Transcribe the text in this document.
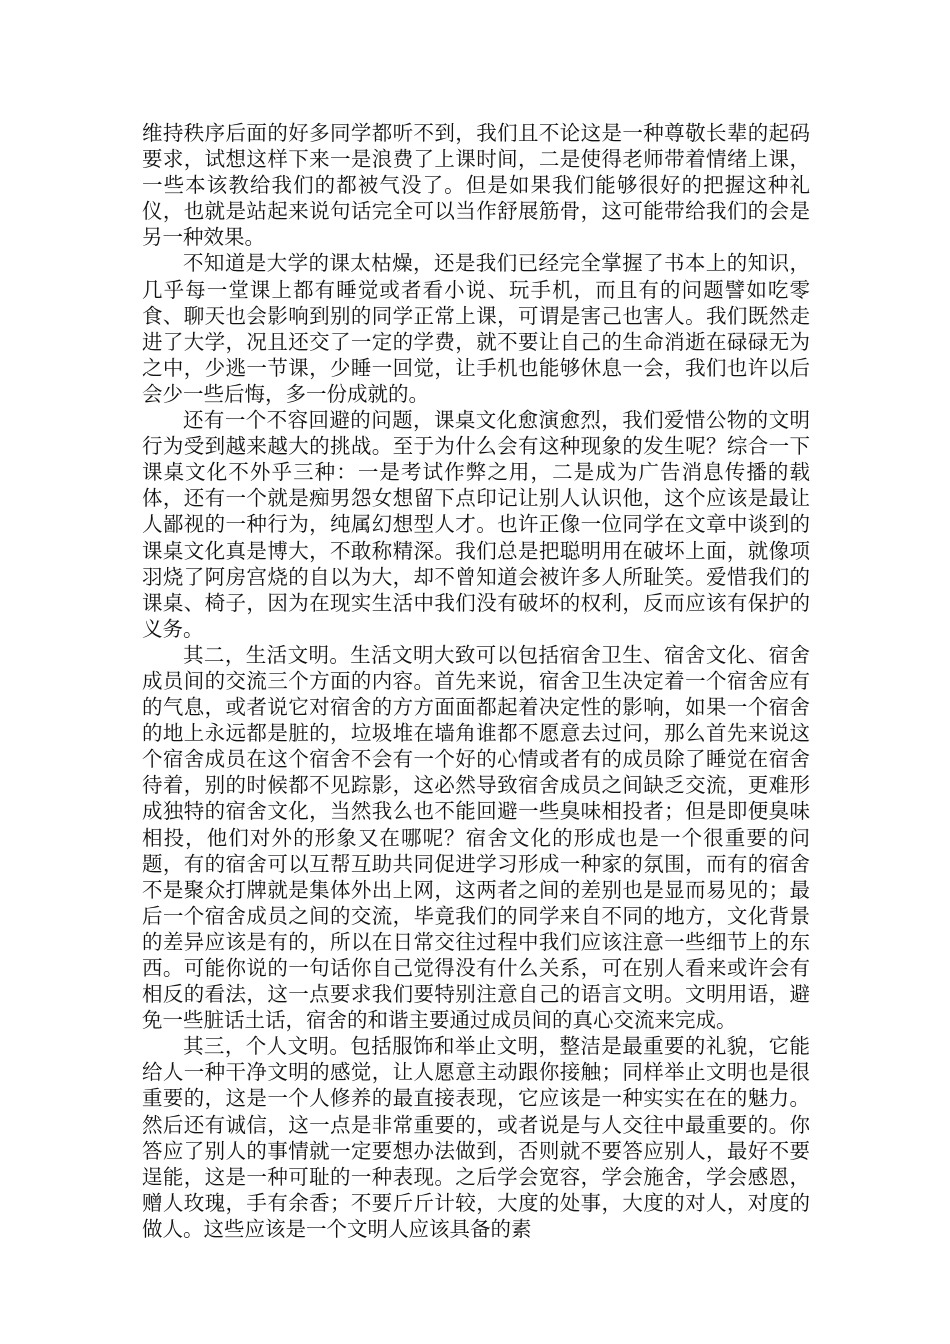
维持秩序后面的好多同学都听不到，我们且不论这是一种尊敬长辈的起码要求，试想这样下来一是浪费了上课时间，二是使得老师带着情绪上课，一些本该教给我们的都被气没了。但是如果我们能够很好的把握这种礼仪，也就是站起来说句话完全可以当作舒展筋骨，这可能带给我们的会是另一种效果。

不知道是大学的课太枯燥，还是我们已经完全掌握了书本上的知识，几乎每一堂课上都有睡觉或者看小说、玩手机，而且有的问题譬如吃零食、聊天也会影响到别的同学正常上课，可谓是害己也害人。我们既然走进了大学，况且还交了一定的学费，就不要让自己的生命消逝在碌碌无为之中，少逃一节课，少睡一回觉，让手机也能够休息一会，我们也许以后会少一些后悔，多一份成就的。

还有一个不容回避的问题，课桌文化愈演愈烈，我们爱惜公物的文明行为受到越来越大的挑战。至于为什么会有这种现象的发生呢？综合一下课桌文化不外乎三种：一是考试作弊之用，二是成为广告消息传播的载体，还有一个就是痴男怨女想留下点印记让别人认识他，这个应该是最让人鄙视的一种行为，纯属幻想型人才。也许正像一位同学在文章中谈到的课桌文化真是博大，不敢称精深。我们总是把聪明用在破坏上面，就像项羽烧了阿房宫烧的自以为大，却不曾知道会被许多人所耻笑。爱惜我们的课桌、椅子，因为在现实生活中我们没有破坏的权利，反而应该有保护的义务。

其二，生活文明。生活文明大致可以包括宿舍卫生、宿舍文化、宿舍成员间的交流三个方面的内容。首先来说，宿舍卫生决定着一个宿舍应有的气息，或者说它对宿舍的方方面面都起着决定性的影响，如果一个宿舍的地上永远都是脏的，垃圾堆在墙角谁都不愿意去过问，那么首先来说这个宿舍成员在这个宿舍不会有一个好的心情或者有的成员除了睡觉在宿舍待着，别的时候都不见踪影，这必然导致宿舍成员之间缺乏交流，更难形成独特的宿舍文化，当然我么也不能回避一些臭味相投者；但是即便臭味相投，他们对外的形象又在哪呢？宿舍文化的形成也是一个很重要的问题，有的宿舍可以互帮互助共同促进学习形成一种家的氛围，而有的宿舍不是聚众打牌就是集体外出上网，这两者之间的差别也是显而易见的；最后一个宿舍成员之间的交流，毕竟我们的同学来自不同的地方，文化背景的差异应该是有的，所以在日常交往过程中我们应该注意一些细节上的东西。可能你说的一句话你自己觉得没有什么关系，可在别人看来或许会有相反的看法，这一点要求我们要特别注意自己的语言文明。文明用语，避免一些脏话土话，宿舍的和谐主要通过成员间的真心交流来完成。

其三，个人文明。包括服饰和举止文明，整洁是最重要的礼貌，它能给人一种干净文明的感觉，让人愿意主动跟你接触；同样举止文明也是很重要的，这是一个人修养的最直接表现，它应该是一种实实在在的魅力。然后还有诚信，这一点是非常重要的，或者说是与人交往中最重要的。你答应了别人的事情就一定要想办法做到，否则就不要答应别人，最好不要逞能，这是一种可耻的一种表现。之后学会宽容，学会施舍，学会感恩，赠人玫瑰，手有余香；不要斤斤计较，大度的处事，大度的对人，对度的做人。这些应该是一个文明人应该具备的素
